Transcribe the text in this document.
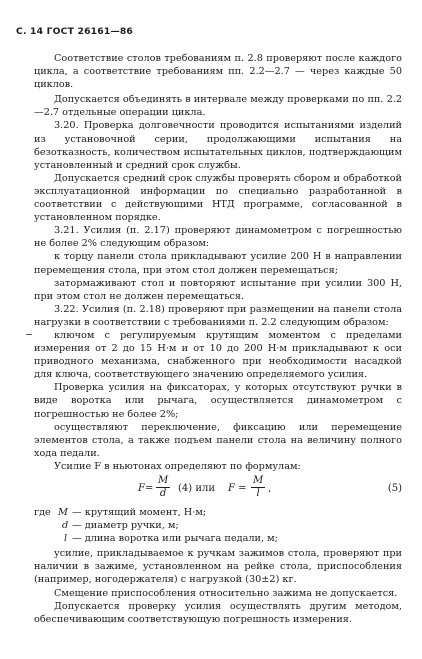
С. 14 ГОСТ 26161—86

Соответствие столов требованиям п. 2.8 проверяют после каждого цикла, а соответствие требованиям пп. 2.2—2.7 — через каждые 50 циклов.

Допускается объединять в интервале между проверками по пп. 2.2—2.7 отдельные операции цикла.

3.20. Проверка долговечности проводится испытаниями изделий из установочной серии, продолжающими испытания на безотказность, количеством испытательных циклов, подтверждающим установленный и средний срок службы.

Допускается средний срок службы проверять сбором и обработкой эксплуатационной информации по специально разработанной в соответствии с действующими НТД программе, согласованной в установленном порядке.

3.21. Усилия (п. 2.17) проверяют динамометром с погрешностью не более 2% следующим образом:

к торцу панели стола прикладывают усилие 200 Н в направлении перемещения стола, при этом стол должен перемещаться;

затормаживают стол и повторяют испытание при усилии 300 Н, при этом стол не должен перемещаться.

3.22. Усилия (п. 2.18) проверяют при размещении на панели стола нагрузки в соответствии с требованиями п. 2.2 следующим образом:

ключом с регулируемым крутящим моментом с пределами измерения от 2 до 15 Н·м и от 10 до 200 Н·м прикладывают к оси приводного механизма, снабженного при необходимости насадкой для ключа, соответствующего значению определяемого усилия.

Проверка усилия на фиксаторах, у которых отсутствуют ручки в виде воротка или рычага, осуществляется динамометром с погрешностью не более 2%;

осуществляют переключение, фиксацию или перемещение элементов стола, а также подъем панели стола на величину полного хода педали.

Усилие F в ньютонах определяют по формулам:

$F= \frac{M}{d} (4)$ или $F = \frac{M}{l}$ ,	(5)
где M — крутящий момент, Н·м;
d — диаметр ручки, м;
l — длина воротка или рычага педали, м;

усилие, прикладываемое к ручкам зажимов стола, проверяют при наличии в зажиме, установленном на рейке стола, приспособления (например, ногодержателя) с нагрузкой (30±2) кг.

Смещение приспособления относительно зажима не допускается.

Допускается проверку усилия осуществлять другим методом, обеспечивающим соответствующую погрешность измерения.
